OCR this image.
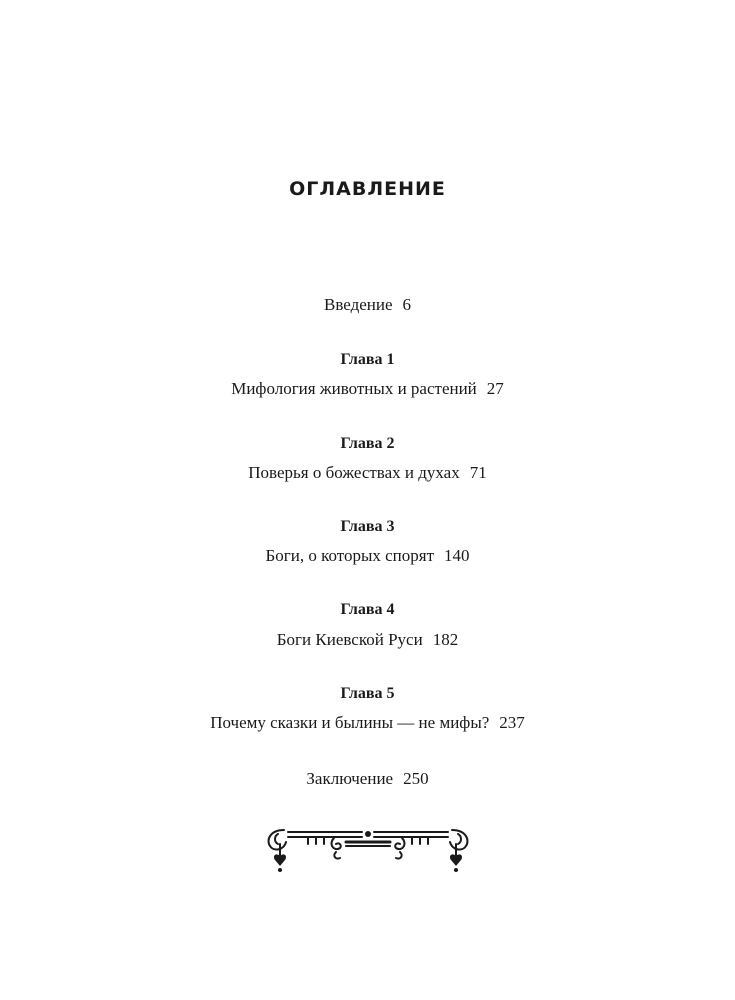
ОГЛАВЛЕНИЕ
Введение 6
Глава 1
Мифология животных и растений 27
Глава 2
Поверья о божествах и духах 71
Глава 3
Боги, о которых спорят 140
Глава 4
Боги Киевской Руси 182
Глава 5
Почему сказки и былины — не мифы? 237
Заключение 250
